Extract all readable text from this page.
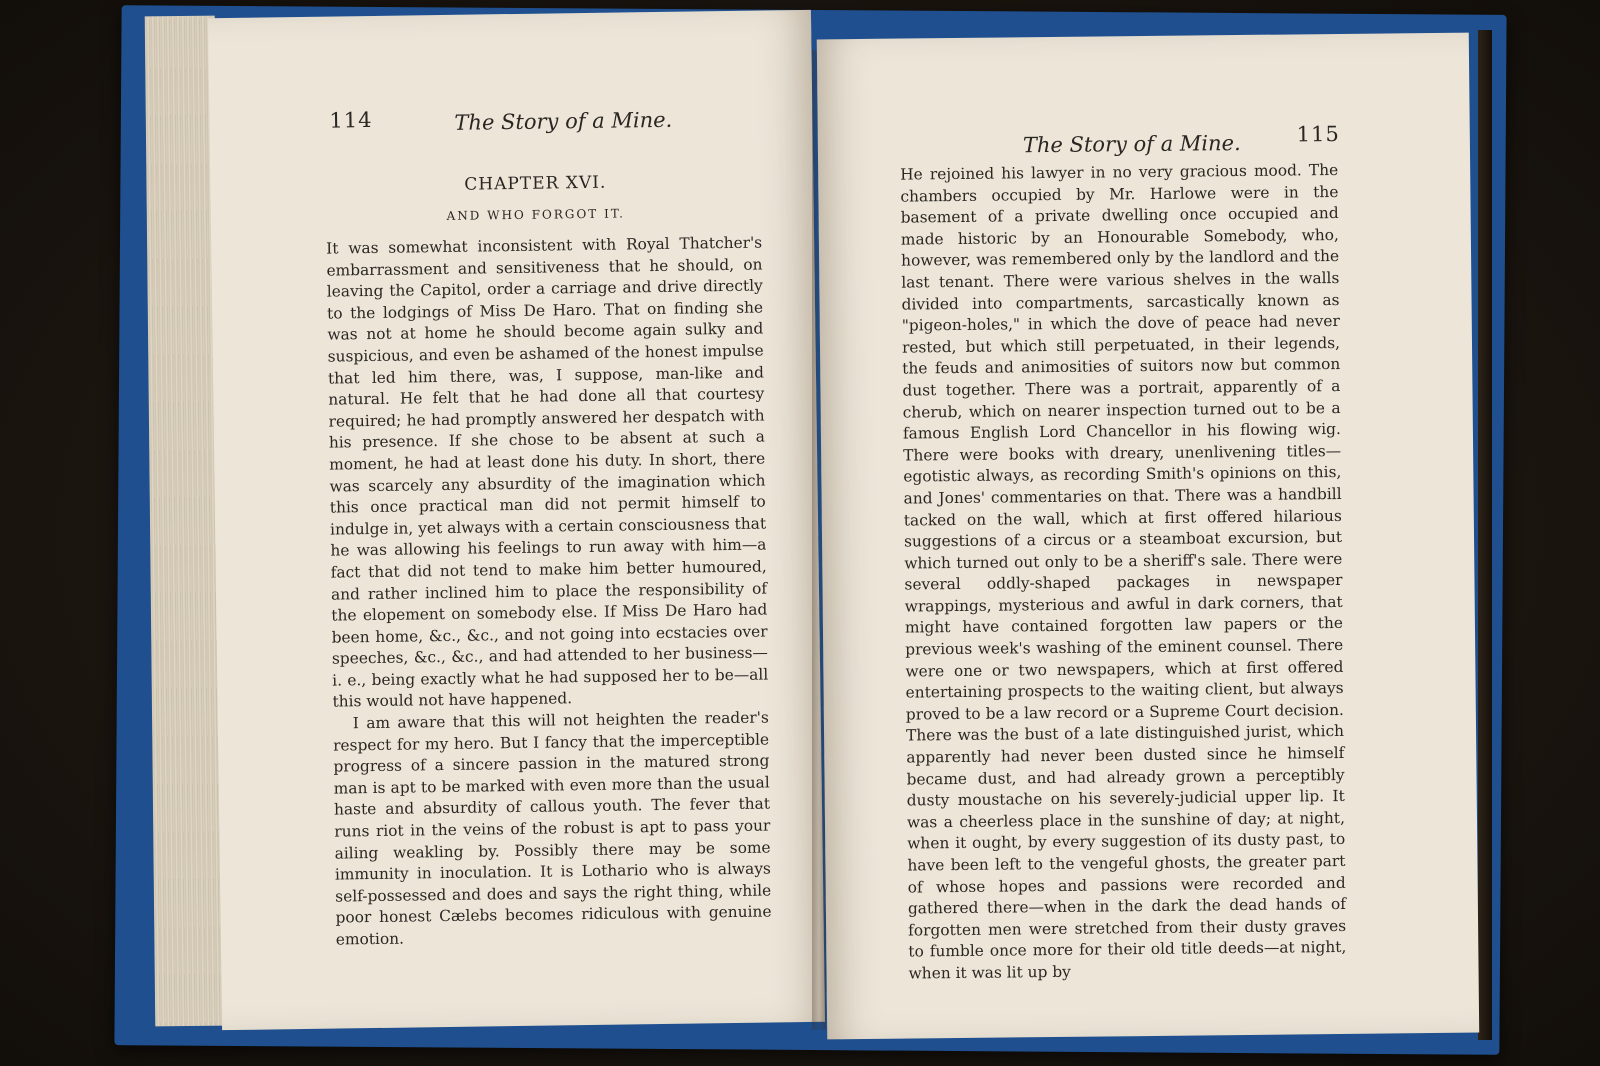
114	The Story of a Mine.
CHAPTER XVI.
AND WHO FORGOT IT.

It was somewhat inconsistent with Royal Thatcher's embarrassment and sensitiveness that he should, on leaving the Capitol, order a carriage and drive directly to the lodgings of Miss De Haro. That on finding she was not at home he should become again sulky and suspicious, and even be ashamed of the honest impulse that led him there, was, I suppose, man-like and natural. He felt that he had done all that courtesy required; he had promptly answered her despatch with his presence. If she chose to be absent at such a moment, he had at least done his duty. In short, there was scarcely any absurdity of the imagination which this once practical man did not permit himself to indulge in, yet always with a certain consciousness that he was allowing his feelings to run away with him—a fact that did not tend to make him better humoured, and rather inclined him to place the responsibility of the elopement on somebody else. If Miss De Haro had been home, &c., &c., and not going into ecstacies over speeches, &c., &c., and had attended to her business—i. e., being exactly what he had supposed her to be—all this would not have happened.

I am aware that this will not heighten the reader's respect for my hero. But I fancy that the imperceptible progress of a sincere passion in the matured strong man is apt to be marked with even more than the usual haste and absurdity of callous youth. The fever that runs riot in the veins of the robust is apt to pass your ailing weakling by. Possibly there may be some immunity in inoculation. It is Lothario who is always self-possessed and does and says the right thing, while poor honest Cælebs becomes ridiculous with genuine emotion.

The Story of a Mine.	115

He rejoined his lawyer in no very gracious mood. The chambers occupied by Mr. Harlowe were in the basement of a private dwelling once occupied and made historic by an Honourable Somebody, who, however, was remembered only by the landlord and the last tenant. There were various shelves in the walls divided into compartments, sarcastically known as "pigeon-holes," in which the dove of peace had never rested, but which still perpetuated, in their legends, the feuds and animosities of suitors now but common dust together. There was a portrait, apparently of a cherub, which on nearer inspection turned out to be a famous English Lord Chancellor in his flowing wig. There were books with dreary, unenlivening titles—egotistic always, as recording Smith's opinions on this, and Jones' commentaries on that. There was a handbill tacked on the wall, which at first offered hilarious suggestions of a circus or a steamboat excursion, but which turned out only to be a sheriff's sale. There were several oddly-shaped packages in newspaper wrappings, mysterious and awful in dark corners, that might have contained forgotten law papers or the previous week's washing of the eminent counsel. There were one or two newspapers, which at first offered entertaining prospects to the waiting client, but always proved to be a law record or a Supreme Court decision. There was the bust of a late distinguished jurist, which apparently had never been dusted since he himself became dust, and had already grown a perceptibly dusty moustache on his severely-judicial upper lip. It was a cheerless place in the sunshine of day; at night, when it ought, by every suggestion of its dusty past, to have been left to the vengeful ghosts, the greater part of whose hopes and passions were recorded and gathered there—when in the dark the dead hands of forgotten men were stretched from their dusty graves to fumble once more for their old title deeds—at night, when it was lit up by
